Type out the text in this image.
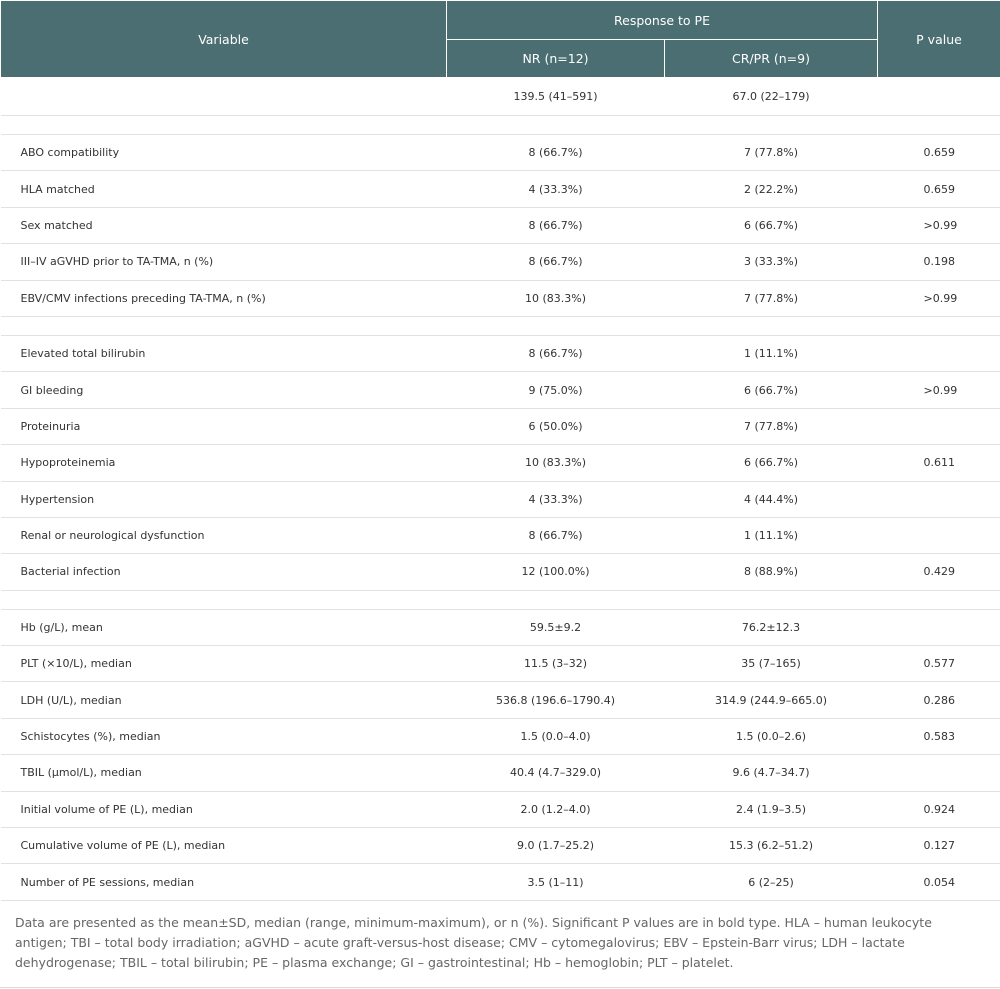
Variable	Response to PE		P value
	NR (n=12)	CR/PR (n=9)	
	139.5 (41–591)	67.0 (22–179)	

ABO compatibility	8 (66.7%)	7 (77.8%)	0.659
HLA matched	4 (33.3%)	2 (22.2%)	0.659
Sex matched	8 (66.7%)	6 (66.7%)	>0.99
III–IV aGVHD prior to TA-TMA, n (%)	8 (66.7%)	3 (33.3%)	0.198
EBV/CMV infections preceding TA-TMA, n (%)	10 (83.3%)	7 (77.8%)	>0.99

Elevated total bilirubin	8 (66.7%)	1 (11.1%)	
GI bleeding	9 (75.0%)	6 (66.7%)	>0.99
Proteinuria	6 (50.0%)	7 (77.8%)	
Hypoproteinemia	10 (83.3%)	6 (66.7%)	0.611
Hypertension	4 (33.3%)	4 (44.4%)	
Renal or neurological dysfunction	8 (66.7%)	1 (11.1%)	
Bacterial infection	12 (100.0%)	8 (88.9%)	0.429

Hb (g/L), mean	59.5±9.2	76.2±12.3	
PLT (×10/L), median	11.5 (3–32)	35 (7–165)	0.577
LDH (U/L), median	536.8 (196.6–1790.4)	314.9 (244.9–665.0)	0.286
Schistocytes (%), median	1.5 (0.0–4.0)	1.5 (0.0–2.6)	0.583
TBIL (μmol/L), median	40.4 (4.7–329.0)	9.6 (4.7–34.7)	
Initial volume of PE (L), median	2.0 (1.2–4.0)	2.4 (1.9–3.5)	0.924
Cumulative volume of PE (L), median	9.0 (1.7–25.2)	15.3 (6.2–51.2)	0.127
Number of PE sessions, median	3.5 (1–11)	6 (2–25)	0.054
Data are presented as the mean±SD, median (range, minimum-maximum), or n (%). Significant P values are in bold type. HLA – human leukocyte antigen; TBI – total body irradiation; aGVHD – acute graft-versus-host disease; CMV – cytomegalovirus; EBV – Epstein-Barr virus; LDH – lactate dehydrogenase; TBIL – total bilirubin; PE – plasma exchange; GI – gastrointestinal; Hb – hemoglobin; PLT – platelet.
